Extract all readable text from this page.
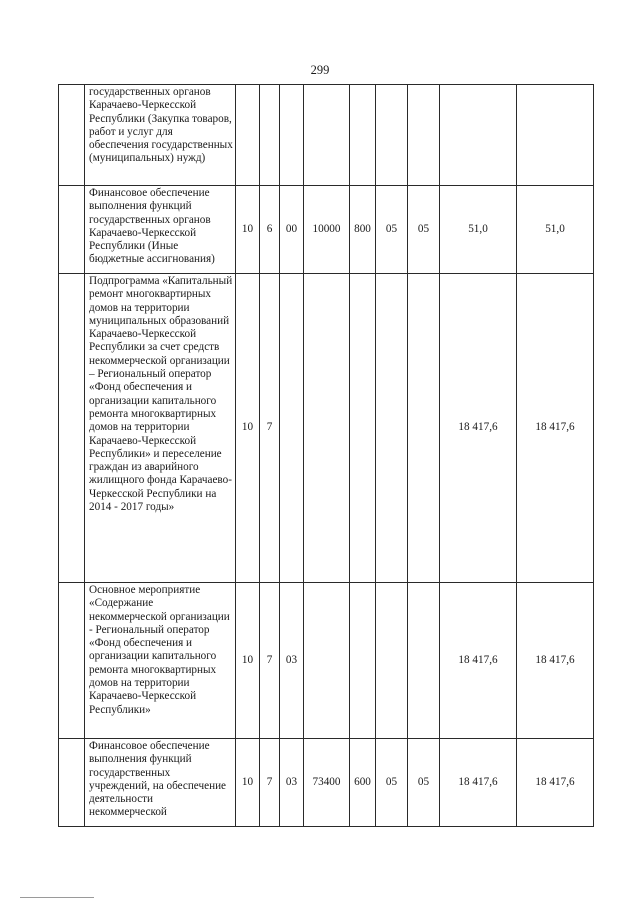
299
	государственных органов Карачаево-Черкесской Республики (Закупка товаров, работ и услуг для обеспечения государственных (муниципальных) нужд)									
	Финансовое обеспечение выполнения функций государственных органов Карачаево-Черкесской Республики (Иные бюджетные ассигнования)	10	6	00	10000	800	05	05	51,0	51,0
	Подпрограмма «Капитальный ремонт многоквартирных домов на территории муниципальных образований Карачаево-Черкесской Республики за счет средств некоммерческой организации – Региональный оператор «Фонд обеспечения и организации капитального ремонта многоквартирных домов на территории Карачаево-Черкесской Республики» и переселение граждан из аварийного жилищного фонда Карачаево-Черкесской Республики на 2014 - 2017 годы»	10	7						18 417,6	18 417,6
	Основное мероприятие «Содержание некоммерческой организации - Региональный оператор «Фонд обеспечения и организации капитального ремонта многоквартирных домов на территории Карачаево-Черкесской Республики»	10	7	03					18 417,6	18 417,6
	Финансовое обеспечение выполнения функций государственных учреждений, на обеспечение деятельности некоммерческой	10	7	03	73400	600	05	05	18 417,6	18 417,6
